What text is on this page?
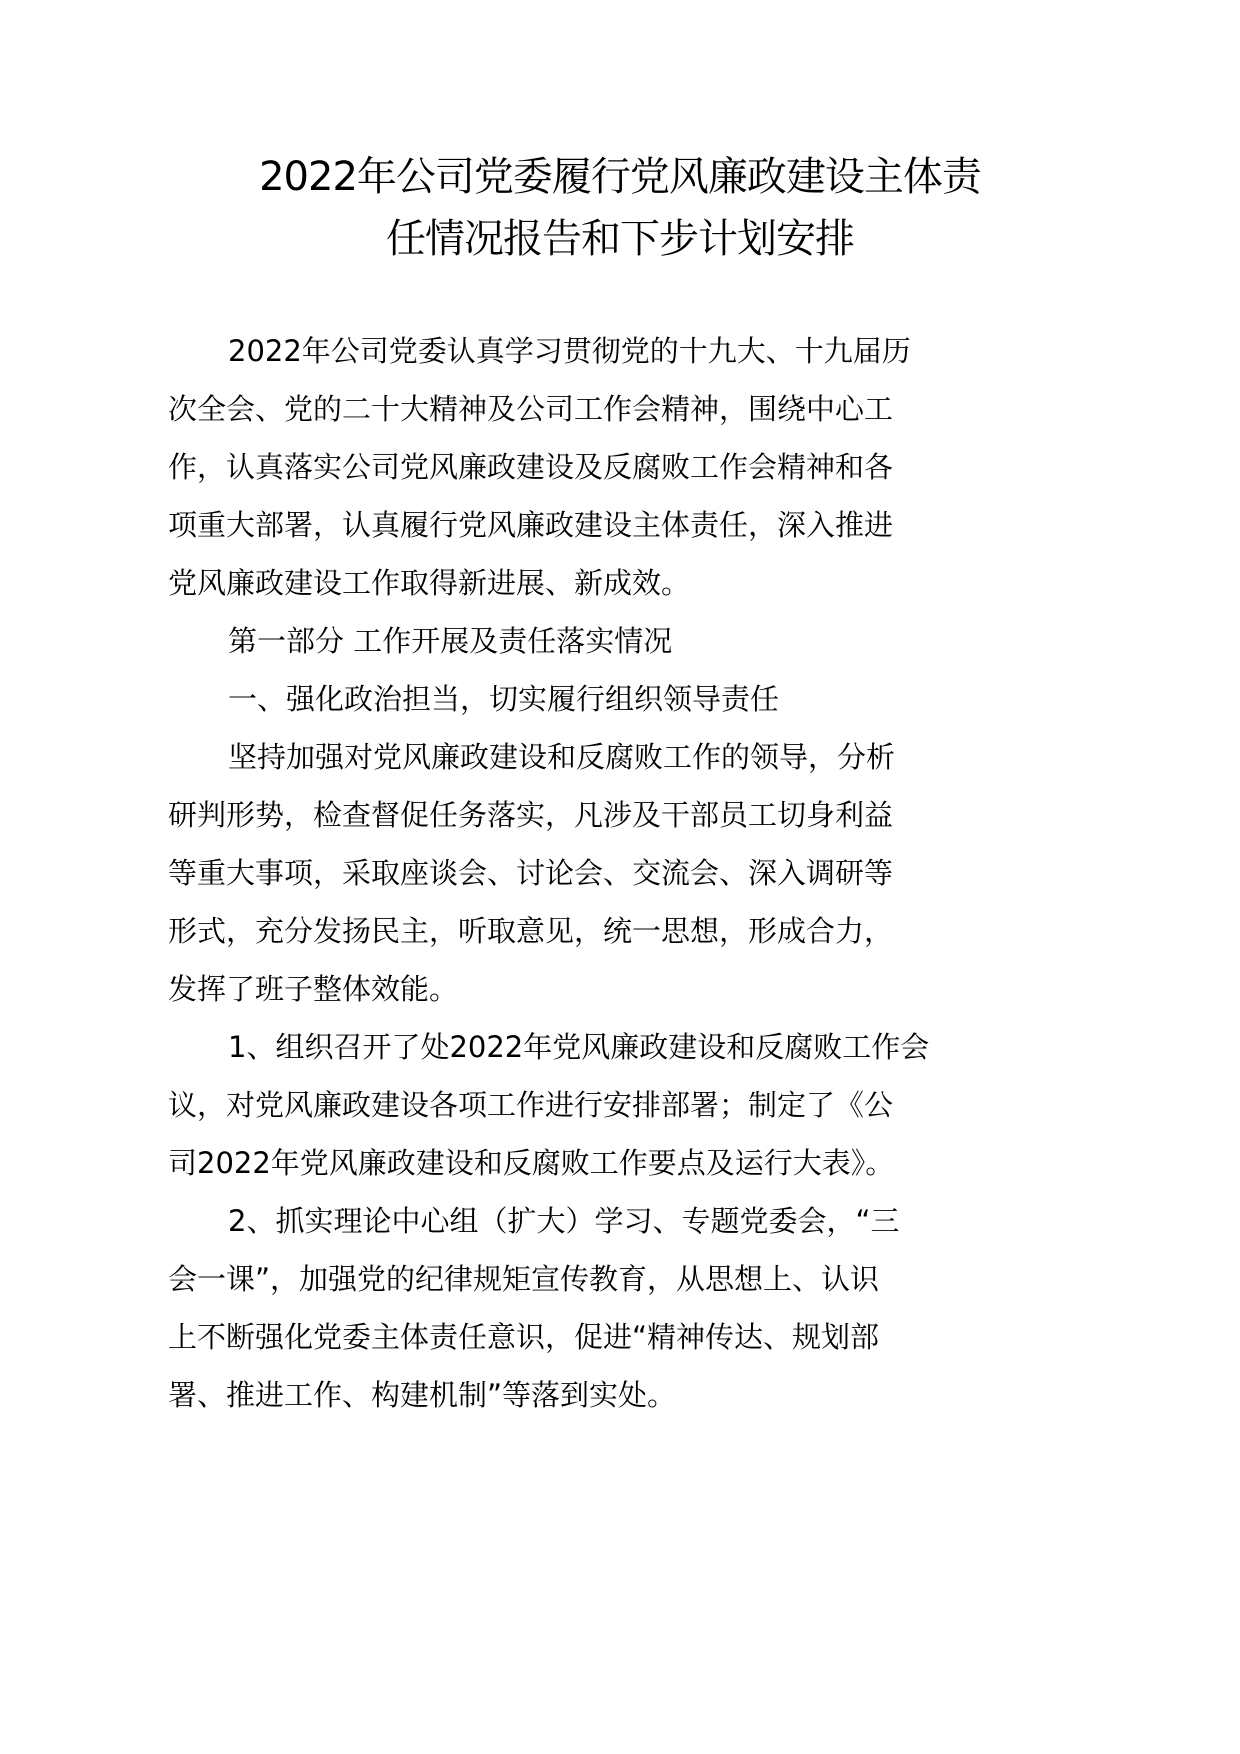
2022年公司党委履行党风廉政建设主体责
任情况报告和下步计划安排
2022年公司党委认真学习贯彻党的十九大、十九届历
次全会、党的二十大精神及公司工作会精神，围绕中心工
作，认真落实公司党风廉政建设及反腐败工作会精神和各
项重大部署，认真履行党风廉政建设主体责任，深入推进
党风廉政建设工作取得新进展、新成效。
第一部分 工作开展及责任落实情况
一、强化政治担当，切实履行组织领导责任
坚持加强对党风廉政建设和反腐败工作的领导，分析
研判形势，检查督促任务落实，凡涉及干部员工切身利益
等重大事项，采取座谈会、讨论会、交流会、深入调研等
形式，充分发扬民主，听取意见，统一思想，形成合力，
发挥了班子整体效能。
1、组织召开了处2022年党风廉政建设和反腐败工作会
议，对党风廉政建设各项工作进行安排部署；制定了《公
司2022年党风廉政建设和反腐败工作要点及运行大表》。
2、抓实理论中心组（扩大）学习、专题党委会，“三
会一课”，加强党的纪律规矩宣传教育，从思想上、认识
上不断强化党委主体责任意识，促进“精神传达、规划部
署、推进工作、构建机制”等落到实处。
